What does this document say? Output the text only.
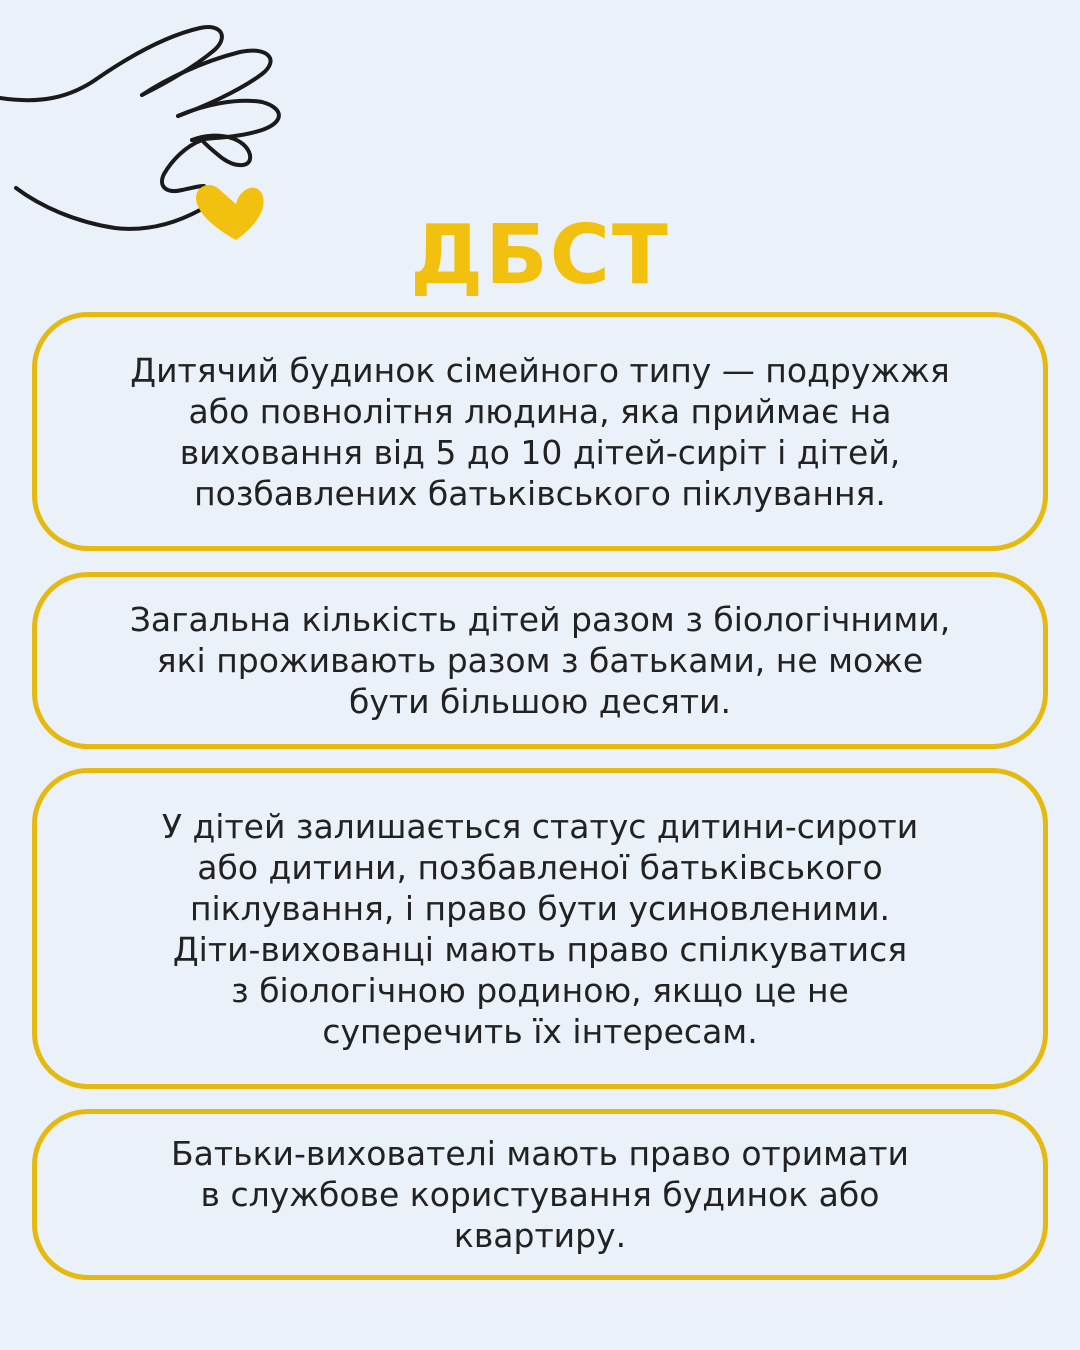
ДБСТ

Дитячий будинок сімейного типу — подружжя
або повнолітня людина, яка приймає на
виховання від 5 до 10 дітей-сиріт і дітей,
позбавлених батьківського піклування.

Загальна кількість дітей разом з біологічними,
які проживають разом з батьками, не може
бути більшою десяти.

У дітей залишається статус дитини-сироти
або дитини, позбавленої батьківського
піклування, і право бути усиновленими.
Діти-вихованці мають право спілкуватися
з біологічною родиною, якщо це не
суперечить їх інтересам.

Батьки-вихователі мають право отримати
в службове користування будинок або
квартиру.
